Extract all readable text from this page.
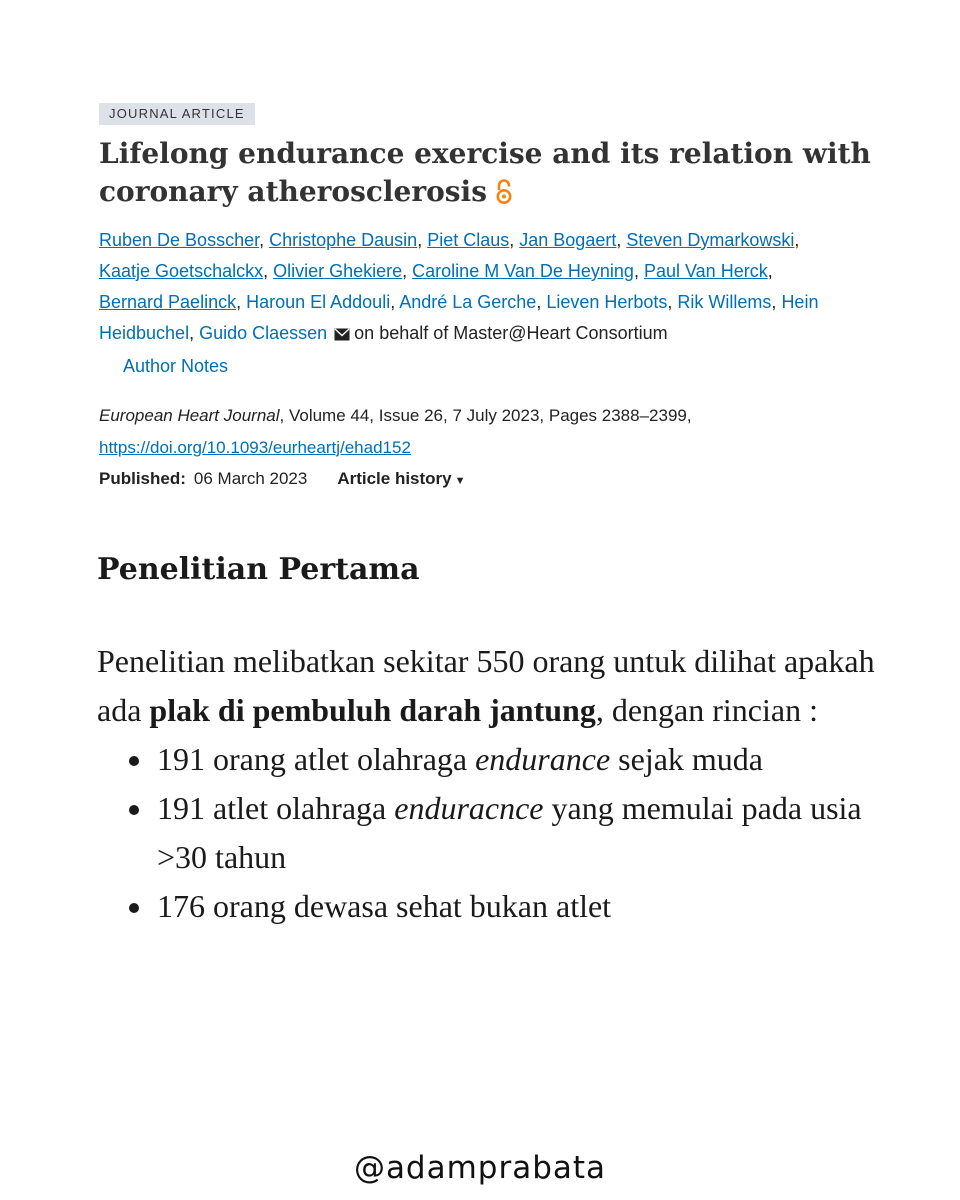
JOURNAL ARTICLE
Lifelong endurance exercise and its relation with coronary atherosclerosis
Ruben De Bosscher, Christophe Dausin, Piet Claus, Jan Bogaert, Steven Dymarkowski,
Kaatje Goetschalckx, Olivier Ghekiere, Caroline M Van De Heyning, Paul Van Herck,
Bernard Paelinck, Haroun El Addouli, André La Gerche, Lieven Herbots, Rik Willems, Hein Heidbuchel, Guido Claessen on behalf of Master@Heart Consortium
Author Notes
European Heart Journal, Volume 44, Issue 26, 7 July 2023, Pages 2388–2399,
https://doi.org/10.1093/eurheartj/ehad152
Published: 06 March 2023 Article history ▼
Penelitian Pertama
Penelitian melibatkan sekitar 550 orang untuk dilihat apakah ada plak di pembuluh darah jantung, dengan rincian :
• 191 orang atlet olahraga endurance sejak muda
• 191 atlet olahraga enduracnce yang memulai pada usia >30 tahun
• 176 orang dewasa sehat bukan atlet
@adamprabata
